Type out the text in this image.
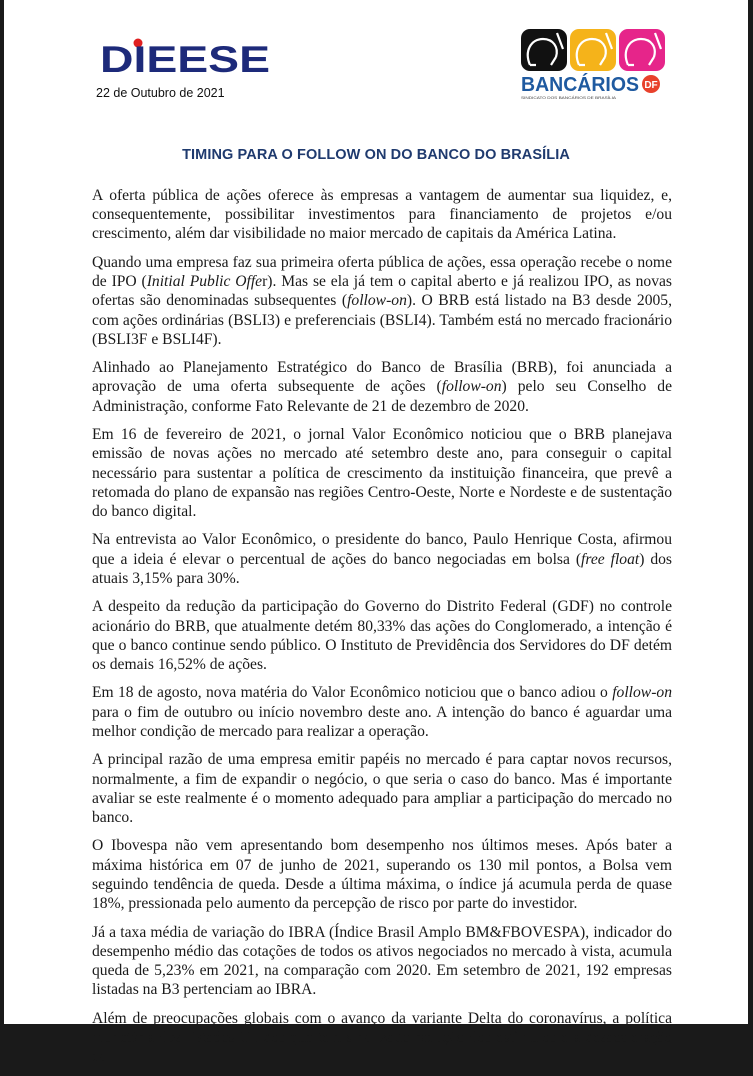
DIEESE
22 de Outubro de 2021	BANCÁRIOS DF
SINDICATO DOS BANCÁRIOS DE BRASÍLIA
TIMING PARA O FOLLOW ON DO BANCO DO BRASÍLIA

A oferta pública de ações oferece às empresas a vantagem de aumentar sua liquidez, e, consequentemente, possibilitar investimentos para financiamento de projetos e/ou crescimento, além dar visibilidade no maior mercado de capitais da América Latina.

Quando uma empresa faz sua primeira oferta pública de ações, essa operação recebe o nome de IPO (Initial Public Offer). Mas se ela já tem o capital aberto e já realizou IPO, as novas ofertas são denominadas subsequentes (follow-on). O BRB está listado na B3 desde 2005, com ações ordinárias (BSLI3) e preferenciais (BSLI4). Também está no mercado fracionário (BSLI3F e BSLI4F).

Alinhado ao Planejamento Estratégico do Banco de Brasília (BRB), foi anunciada a aprovação de uma oferta subsequente de ações (follow-on) pelo seu Conselho de Administração, conforme Fato Relevante de 21 de dezembro de 2020.

Em 16 de fevereiro de 2021, o jornal Valor Econômico noticiou que o BRB planejava emissão de novas ações no mercado até setembro deste ano, para conseguir o capital necessário para sustentar a política de crescimento da instituição financeira, que prevê a retomada do plano de expansão nas regiões Centro-Oeste, Norte e Nordeste e de sustentação do banco digital.

Na entrevista ao Valor Econômico, o presidente do banco, Paulo Henrique Costa, afirmou que a ideia é elevar o percentual de ações do banco negociadas em bolsa (free float) dos atuais 3,15% para 30%.

A despeito da redução da participação do Governo do Distrito Federal (GDF) no controle acionário do BRB, que atualmente detém 80,33% das ações do Conglomerado, a intenção é que o banco continue sendo público. O Instituto de Previdência dos Servidores do DF detém os demais 16,52% de ações.

Em 18 de agosto, nova matéria do Valor Econômico noticiou que o banco adiou o follow-on para o fim de outubro ou início novembro deste ano. A intenção do banco é aguardar uma melhor condição de mercado para realizar a operação.

A principal razão de uma empresa emitir papéis no mercado é para captar novos recursos, normalmente, a fim de expandir o negócio, o que seria o caso do banco. Mas é importante avaliar se este realmente é o momento adequado para ampliar a participação do mercado no banco.

O Ibovespa não vem apresentando bom desempenho nos últimos meses. Após bater a máxima histórica em 07 de junho de 2021, superando os 130 mil pontos, a Bolsa vem seguindo tendência de queda. Desde a última máxima, o índice já acumula perda de quase 18%, pressionada pelo aumento da percepção de risco por parte do investidor.

Já a taxa média de variação do IBRA (Índice Brasil Amplo BM&FBOVESPA), indicador do desempenho médio das cotações de todos os ativos negociados no mercado à vista, acumula queda de 5,23% em 2021, na comparação com 2020. Em setembro de 2021, 192 empresas listadas na B3 pertenciam ao IBRA.

Além de preocupações globais com o avanço da variante Delta do coronavírus, a política monetária dos Estados Unidos que tem sinalizado redução dos estímulos e a desaceleração da
